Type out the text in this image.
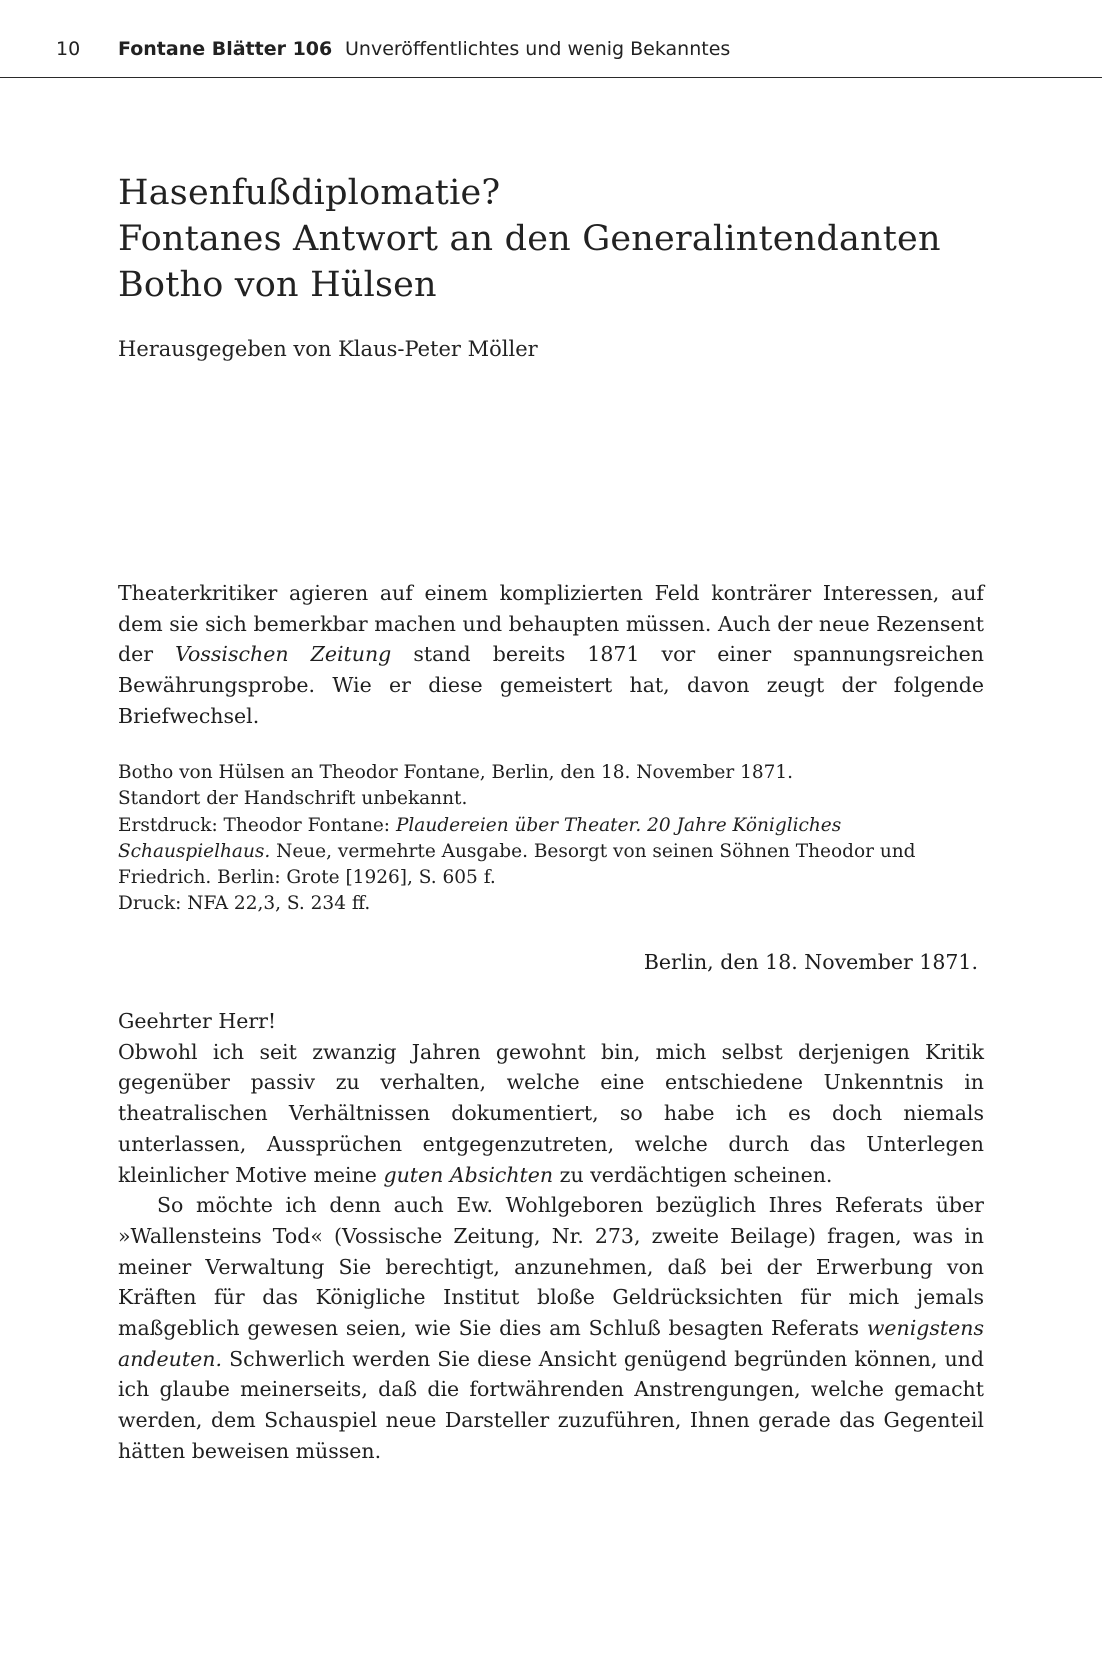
10 Fontane Blätter 106 Unveröffentlichtes und wenig Bekanntes
Hasenfußdiplomatie?
Fontanes Antwort an den Generalintendanten
Botho von Hülsen
Herausgegeben von Klaus-Peter Möller
Theaterkritiker agieren auf einem komplizierten Feld konträrer Interessen, auf dem sie sich bemerkbar machen und behaupten müssen. Auch der neue Rezensent der Vossischen Zeitung stand bereits 1871 vor einer spannungsreichen Bewährungsprobe. Wie er diese gemeistert hat, davon zeugt der folgende Briefwechsel.
Botho von Hülsen an Theodor Fontane, Berlin, den 18. November 1871.
Standort der Handschrift unbekannt.
Erstdruck: Theodor Fontane: Plaudereien über Theater. 20 Jahre Königliches Schauspielhaus. Neue, vermehrte Ausgabe. Besorgt von seinen Söhnen Theodor und Friedrich. Berlin: Grote [1926], S. 605 f.
Druck: NFA 22,3, S. 234 ff.
Berlin, den 18. November 1871.

Geehrter Herr!

Obwohl ich seit zwanzig Jahren gewohnt bin, mich selbst derjenigen Kritik gegenüber passiv zu verhalten, welche eine entschiedene Unkenntnis in theatralischen Verhältnissen dokumentiert, so habe ich es doch niemals unterlassen, Aussprüchen entgegenzutreten, welche durch das Unterlegen kleinlicher Motive meine guten Absichten zu verdächtigen scheinen.

So möchte ich denn auch Ew. Wohlgeboren bezüglich Ihres Referats über »Wallensteins Tod« (Vossische Zeitung, Nr. 273, zweite Beilage) fragen, was in meiner Verwaltung Sie berechtigt, anzunehmen, daß bei der Erwerbung von Kräften für das Königliche Institut bloße Geldrücksichten für mich jemals maßgeblich gewesen seien, wie Sie dies am Schluß besagten Referats wenigstens andeuten. Schwerlich werden Sie diese Ansicht genügend begründen können, und ich glaube meinerseits, daß die fortwährenden Anstrengungen, welche gemacht werden, dem Schauspiel neue Darsteller zuzuführen, Ihnen gerade das Gegenteil hätten beweisen müssen.
